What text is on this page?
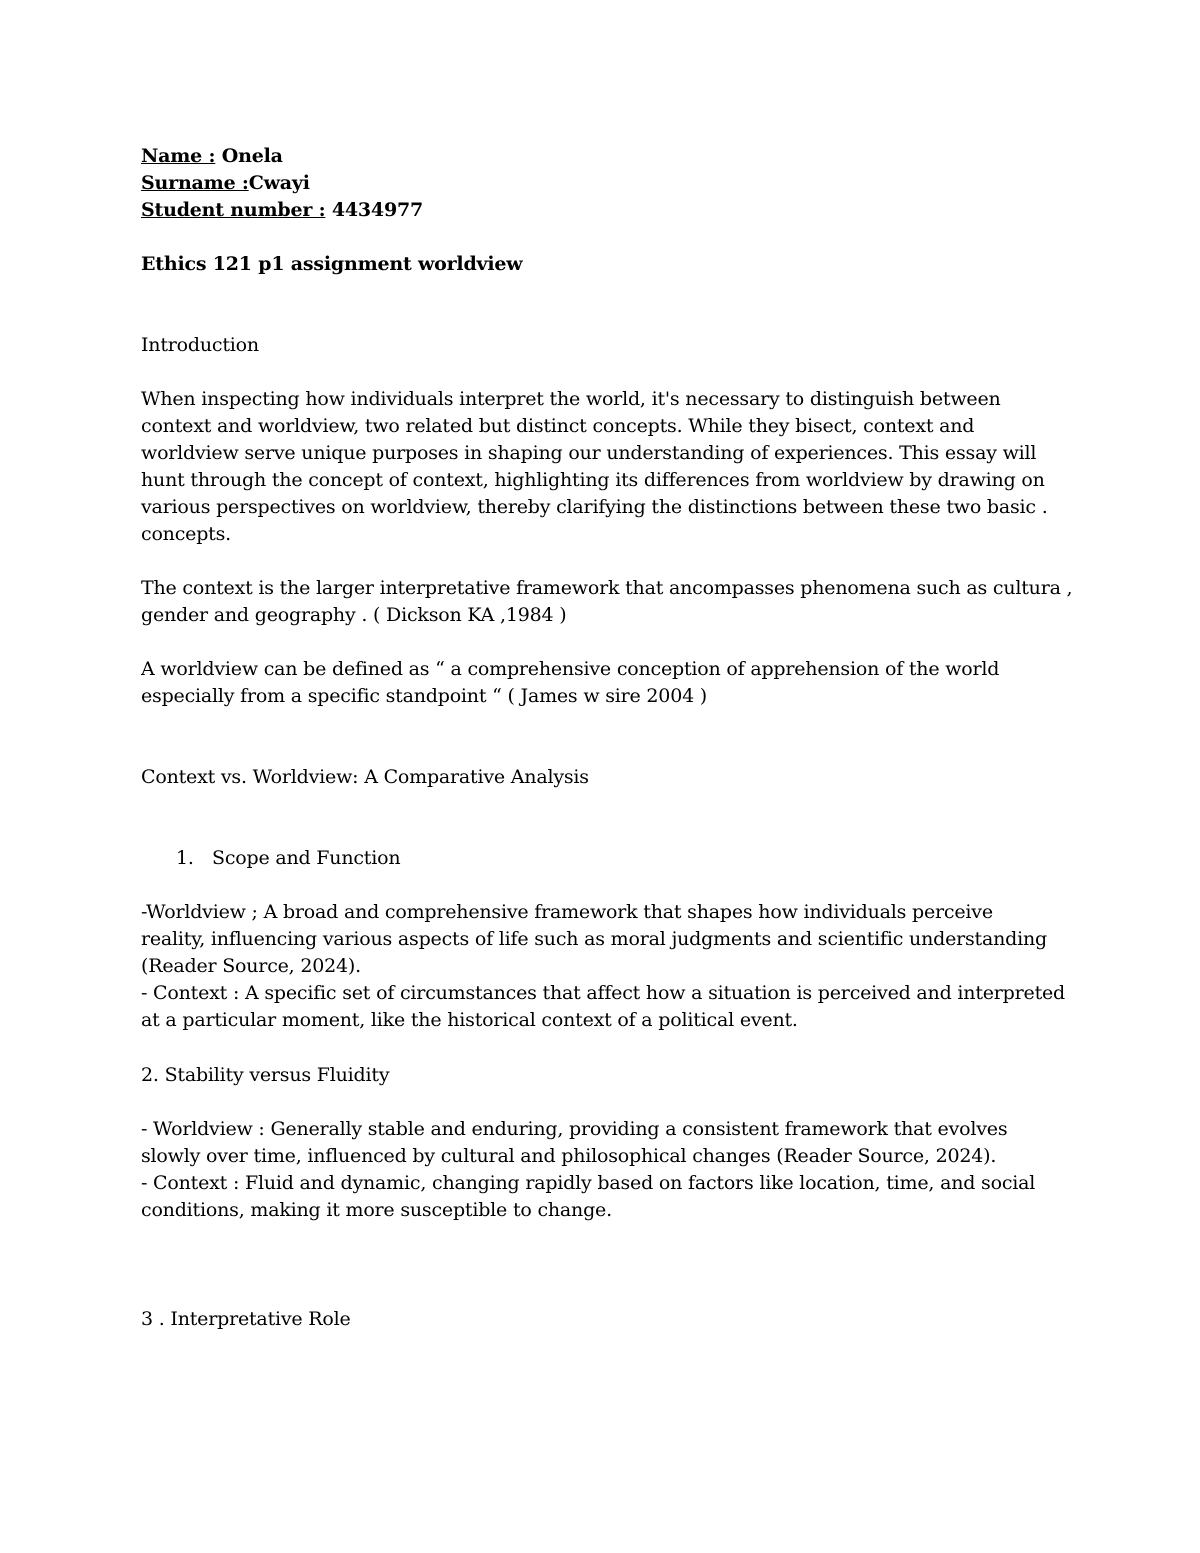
Name : Onela
Surname :Cwayi
Student number : 4434977
Ethics 121 p1 assignment worldview
Introduction
When inspecting how individuals interpret the world, it's necessary to distinguish between
context and worldview, two related but distinct concepts. While they bisect, context and
worldview serve unique purposes in shaping our understanding of experiences. This essay will
hunt through the concept of context, highlighting its differences from worldview by drawing on
various perspectives on worldview, thereby clarifying the distinctions between these two basic .
concepts.
The context is the larger interpretative framework that ancompasses phenomena such as cultura ,
gender and geography . ( Dickson KA ,1984 )
A worldview can be defined as “ a comprehensive conception of apprehension of the world
especially from a specific standpoint “ ( James w sire 2004 )
Context vs. Worldview: A Comparative Analysis
1. Scope and Function
-Worldview ; A broad and comprehensive framework that shapes how individuals perceive
reality, influencing various aspects of life such as moral judgments and scientific understanding
(Reader Source, 2024).
- Context : A specific set of circumstances that affect how a situation is perceived and interpreted
at a particular moment, like the historical context of a political event.
2. Stability versus Fluidity
- Worldview : Generally stable and enduring, providing a consistent framework that evolves
slowly over time, influenced by cultural and philosophical changes (Reader Source, 2024).
- Context : Fluid and dynamic, changing rapidly based on factors like location, time, and social
conditions, making it more susceptible to change.
3 . Interpretative Role
